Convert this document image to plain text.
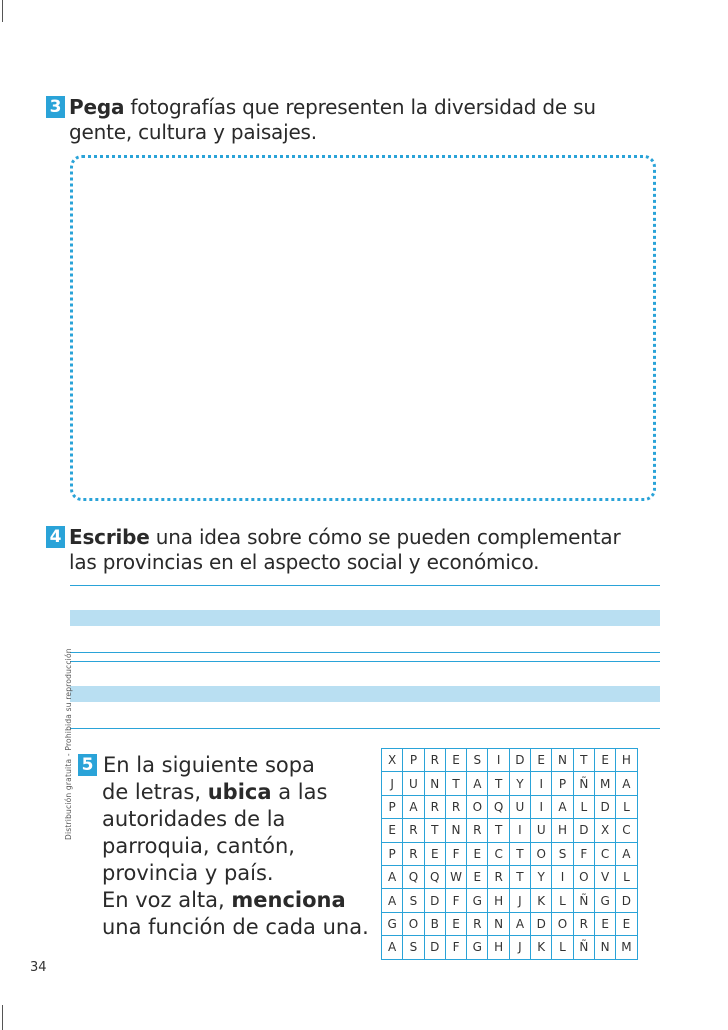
3 Pega fotografías que representen la diversidad de su
gente, cultura y paisajes.
4 Escribe una idea sobre cómo se pueden complementar
las provincias en el aspecto social y económico.
Distribución gratuita - Prohibida su reproducción 5 En la siguiente sopa
de letras, ubica a las
autoridades de la
parroquia, cantón,
provincia y país.
En voz alta, menciona
una función de cada una.
X	P	R	E	S	I	D	E	N	T	E	H
J	U	N	T	A	T	Y	I	P	Ñ	M	A
P	A	R	R	O	Q	U	I	A	L	D	L
E	R	T	N	R	T	I	U	H	D	X	C
P	R	E	F	E	C	T	O	S	F	C	A
A	Q	Q	W	E	R	T	Y	I	O	V	L
A	S	D	F	G	H	J	K	L	Ñ	G	D
G	O	B	E	R	N	A	D	O	R	E	E
A	S	D	F	G	H	J	K	L	Ñ	N	M
34
